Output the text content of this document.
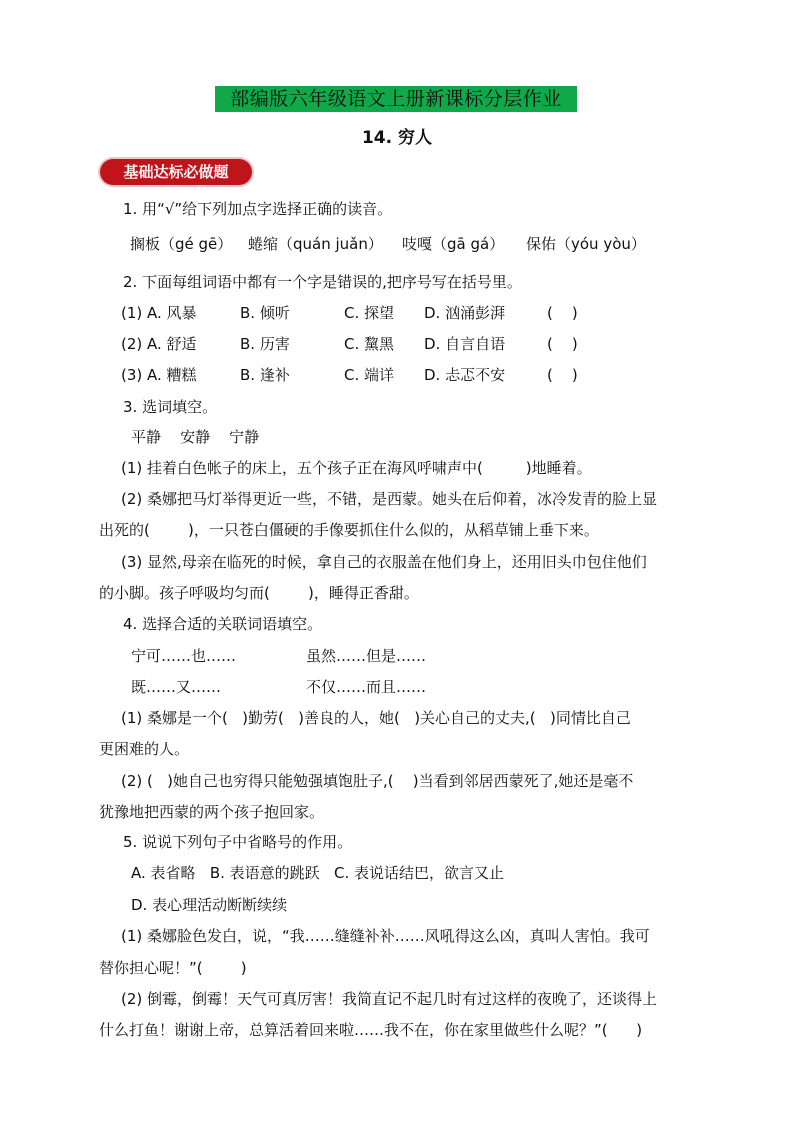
部编版六年级语文上册新课标分层作业
14. 穷人
基础达标必做题
1. 用“√”给下列加点字选择正确的读音。
搁板（gé gē） 蜷缩（quán juǎn） 吱嘎（gā gá） 保佑（yóu yòu）
2. 下面每组词语中都有一个字是错误的,把序号写在括号里。
(1) A. 风暴	B. 倾听	C. 探望 D. 汹涌彭湃	(    )
(2) A. 舒适	B. 历害	C. 黧黑 D. 自言自语	(    )
(3) A. 糟糕	B. 逢补	C. 端详 D. 忐忑不安	(    )
3. 选词填空。
平静    安静    宁静
(1) 挂着白色帐子的床上，五个孩子正在海风呼啸声中(         )地睡着。
(2) 桑娜把马灯举得更近一些，不错，是西蒙。她头在后仰着，冰冷发青的脸上显
出死的(        )，一只苍白僵硬的手像要抓住什么似的，从稻草铺上垂下来。
(3) 显然,母亲在临死的时候，拿自己的衣服盖在他们身上，还用旧头巾包住他们
的小脚。孩子呼吸均匀而(        )，睡得正香甜。
4. 选择合适的关联词语填空。
宁可……也……	虽然……但是……
既……又……	不仅……而且……
(1) 桑娜是一个(   )勤劳(   )善良的人，她(   )关心自己的丈夫,(   )同情比自己
更困难的人。
(2) (   )她自己也穷得只能勉强填饱肚子,(    )当看到邻居西蒙死了,她还是毫不
犹豫地把西蒙的两个孩子抱回家。
5. 说说下列句子中省略号的作用。
A. 表省略   B. 表语意的跳跃   C. 表说话结巴，欲言又止
D. 表心理活动断断续续
(1) 桑娜脸色发白，说，“我……缝缝补补……风吼得这么凶，真叫人害怕。我可
替你担心呢！”(        )
(2) 倒霉，倒霉！天气可真厉害！我简直记不起几时有过这样的夜晚了，还谈得上
什么打鱼！谢谢上帝，总算活着回来啦……我不在，你在家里做些什么呢？”(      )
